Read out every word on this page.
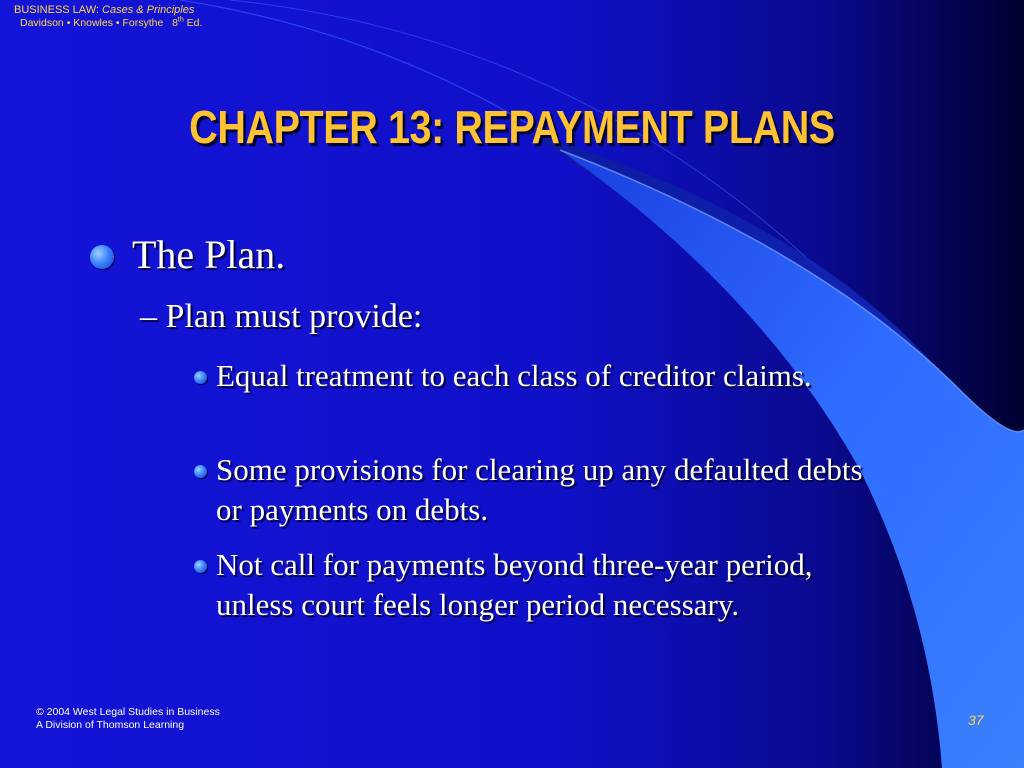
BUSINESS LAW: Cases & Principles
Davidson • Knowles • Forsythe   8th Ed.
CHAPTER 13: REPAYMENT PLANS
The Plan.
– Plan must provide:
Equal treatment to each class of creditor claims.
Some provisions for clearing up any defaulted debts or payments on debts.
Not call for payments beyond three-year period, unless court feels longer period necessary.
© 2004 West Legal Studies in Business
A Division of Thomson Learning	37
